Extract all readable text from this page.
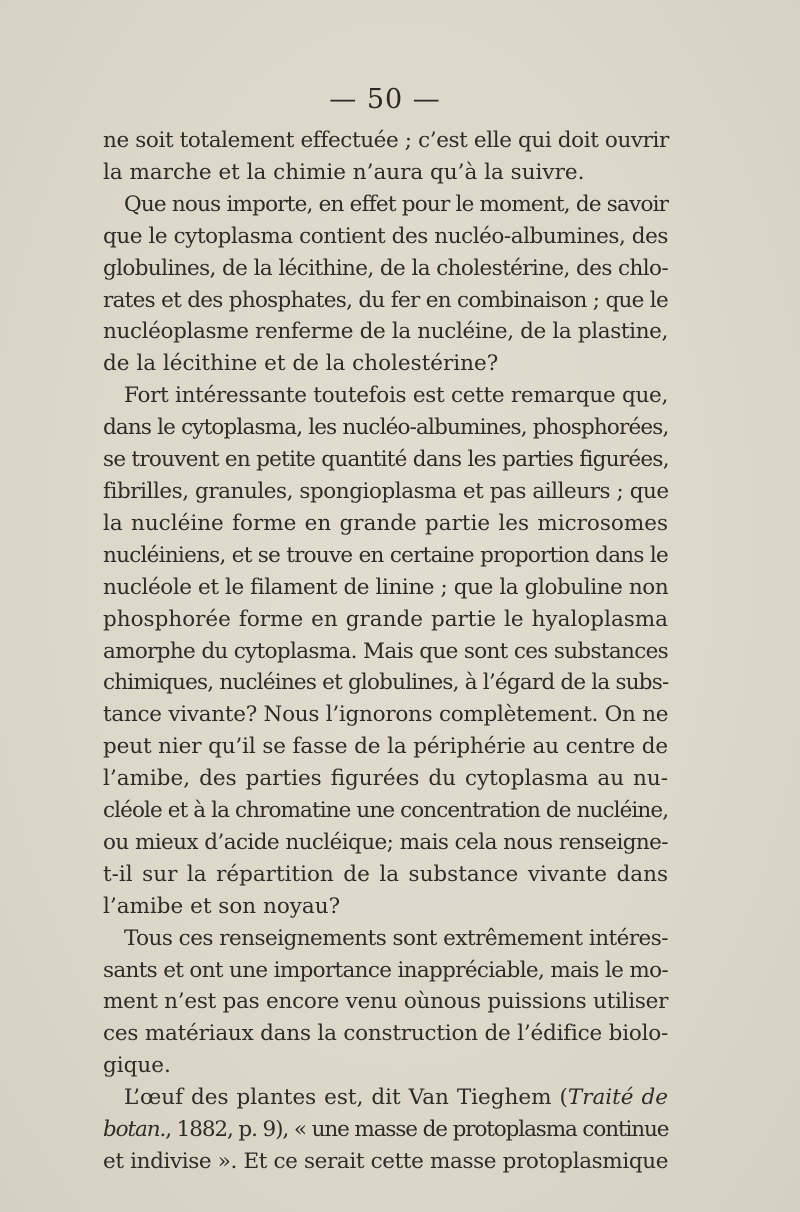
— 50 —

ne soit totalement effectuée ; c’est elle qui doit ouvrir
la marche et la chimie n’aura qu’à la suivre.

Que nous importe, en effet pour le moment, de savoir
que le cytoplasma contient des nucléo-albumines, des
globulines, de la lécithine, de la cholestérine, des chlo-
rates et des phosphates, du fer en combinaison ; que le
nucléoplasme renferme de la nucléine, de la plastine,
de la lécithine et de la cholestérine?

Fort intéressante toutefois est cette remarque que,
dans le cytoplasma, les nucléo-albumines, phosphorées,
se trouvent en petite quantité dans les parties figurées,
fibrilles, granules, spongioplasma et pas ailleurs ; que
la nucléine forme en grande partie les microsomes
nucléiniens, et se trouve en certaine proportion dans le
nucléole et le filament de linine ; que la globuline non
phosphorée forme en grande partie le hyaloplasma
amorphe du cytoplasma. Mais que sont ces substances
chimiques, nucléines et globulines, à l’égard de la subs-
tance vivante? Nous l’ignorons complètement. On ne
peut nier qu’il se fasse de la périphérie au centre de
l’amibe, des parties figurées du cytoplasma au nu-
cléole et à la chromatine une concentration de nucléine,
ou mieux d’acide nucléique; mais cela nous renseigne-
t-il sur la répartition de la substance vivante dans
l’amibe et son noyau?

Tous ces renseignements sont extrêmement intéres-
sants et ont une importance inappréciable, mais le mo-
ment n’est pas encore venu oùnous puissions utiliser
ces matériaux dans la construction de l’édifice biolo-
gique.

L’œuf des plantes est, dit Van Tieghem (Traité de
botan., 1882, p. 9), « une masse de protoplasma continue
et indivise ». Et ce serait cette masse protoplasmique
